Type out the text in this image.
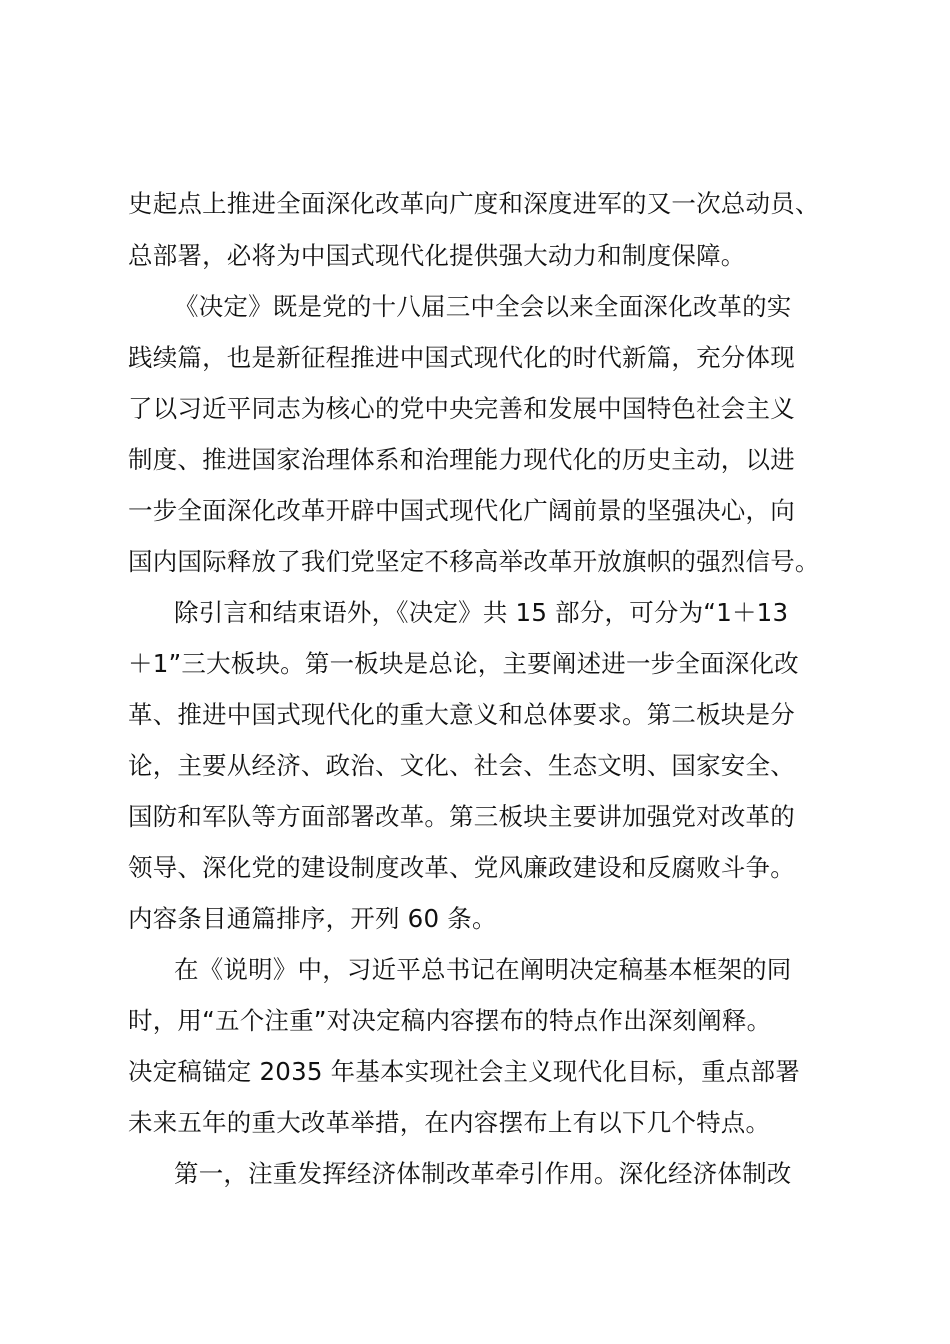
史起点上推进全面深化改革向广度和深度进军的又一次总动员、
总部署，必将为中国式现代化提供强大动力和制度保障。
《决定》既是党的十八届三中全会以来全面深化改革的实
践续篇，也是新征程推进中国式现代化的时代新篇，充分体现
了以习近平同志为核心的党中央完善和发展中国特色社会主义
制度、推进国家治理体系和治理能力现代化的历史主动，以进
一步全面深化改革开辟中国式现代化广阔前景的坚强决心，向
国内国际释放了我们党坚定不移高举改革开放旗帜的强烈信号。
除引言和结束语外，《决定》共 15 部分，可分为“1＋13
＋1”三大板块。第一板块是总论，主要阐述进一步全面深化改
革、推进中国式现代化的重大意义和总体要求。第二板块是分
论，主要从经济、政治、文化、社会、生态文明、国家安全、
国防和军队等方面部署改革。第三板块主要讲加强党对改革的
领导、深化党的建设制度改革、党风廉政建设和反腐败斗争。
内容条目通篇排序，开列 60 条。
在《说明》中，习近平总书记在阐明决定稿基本框架的同
时，用“五个注重”对决定稿内容摆布的特点作出深刻阐释。
决定稿锚定 2035 年基本实现社会主义现代化目标，重点部署
未来五年的重大改革举措，在内容摆布上有以下几个特点。
第一，注重发挥经济体制改革牵引作用。深化经济体制改
